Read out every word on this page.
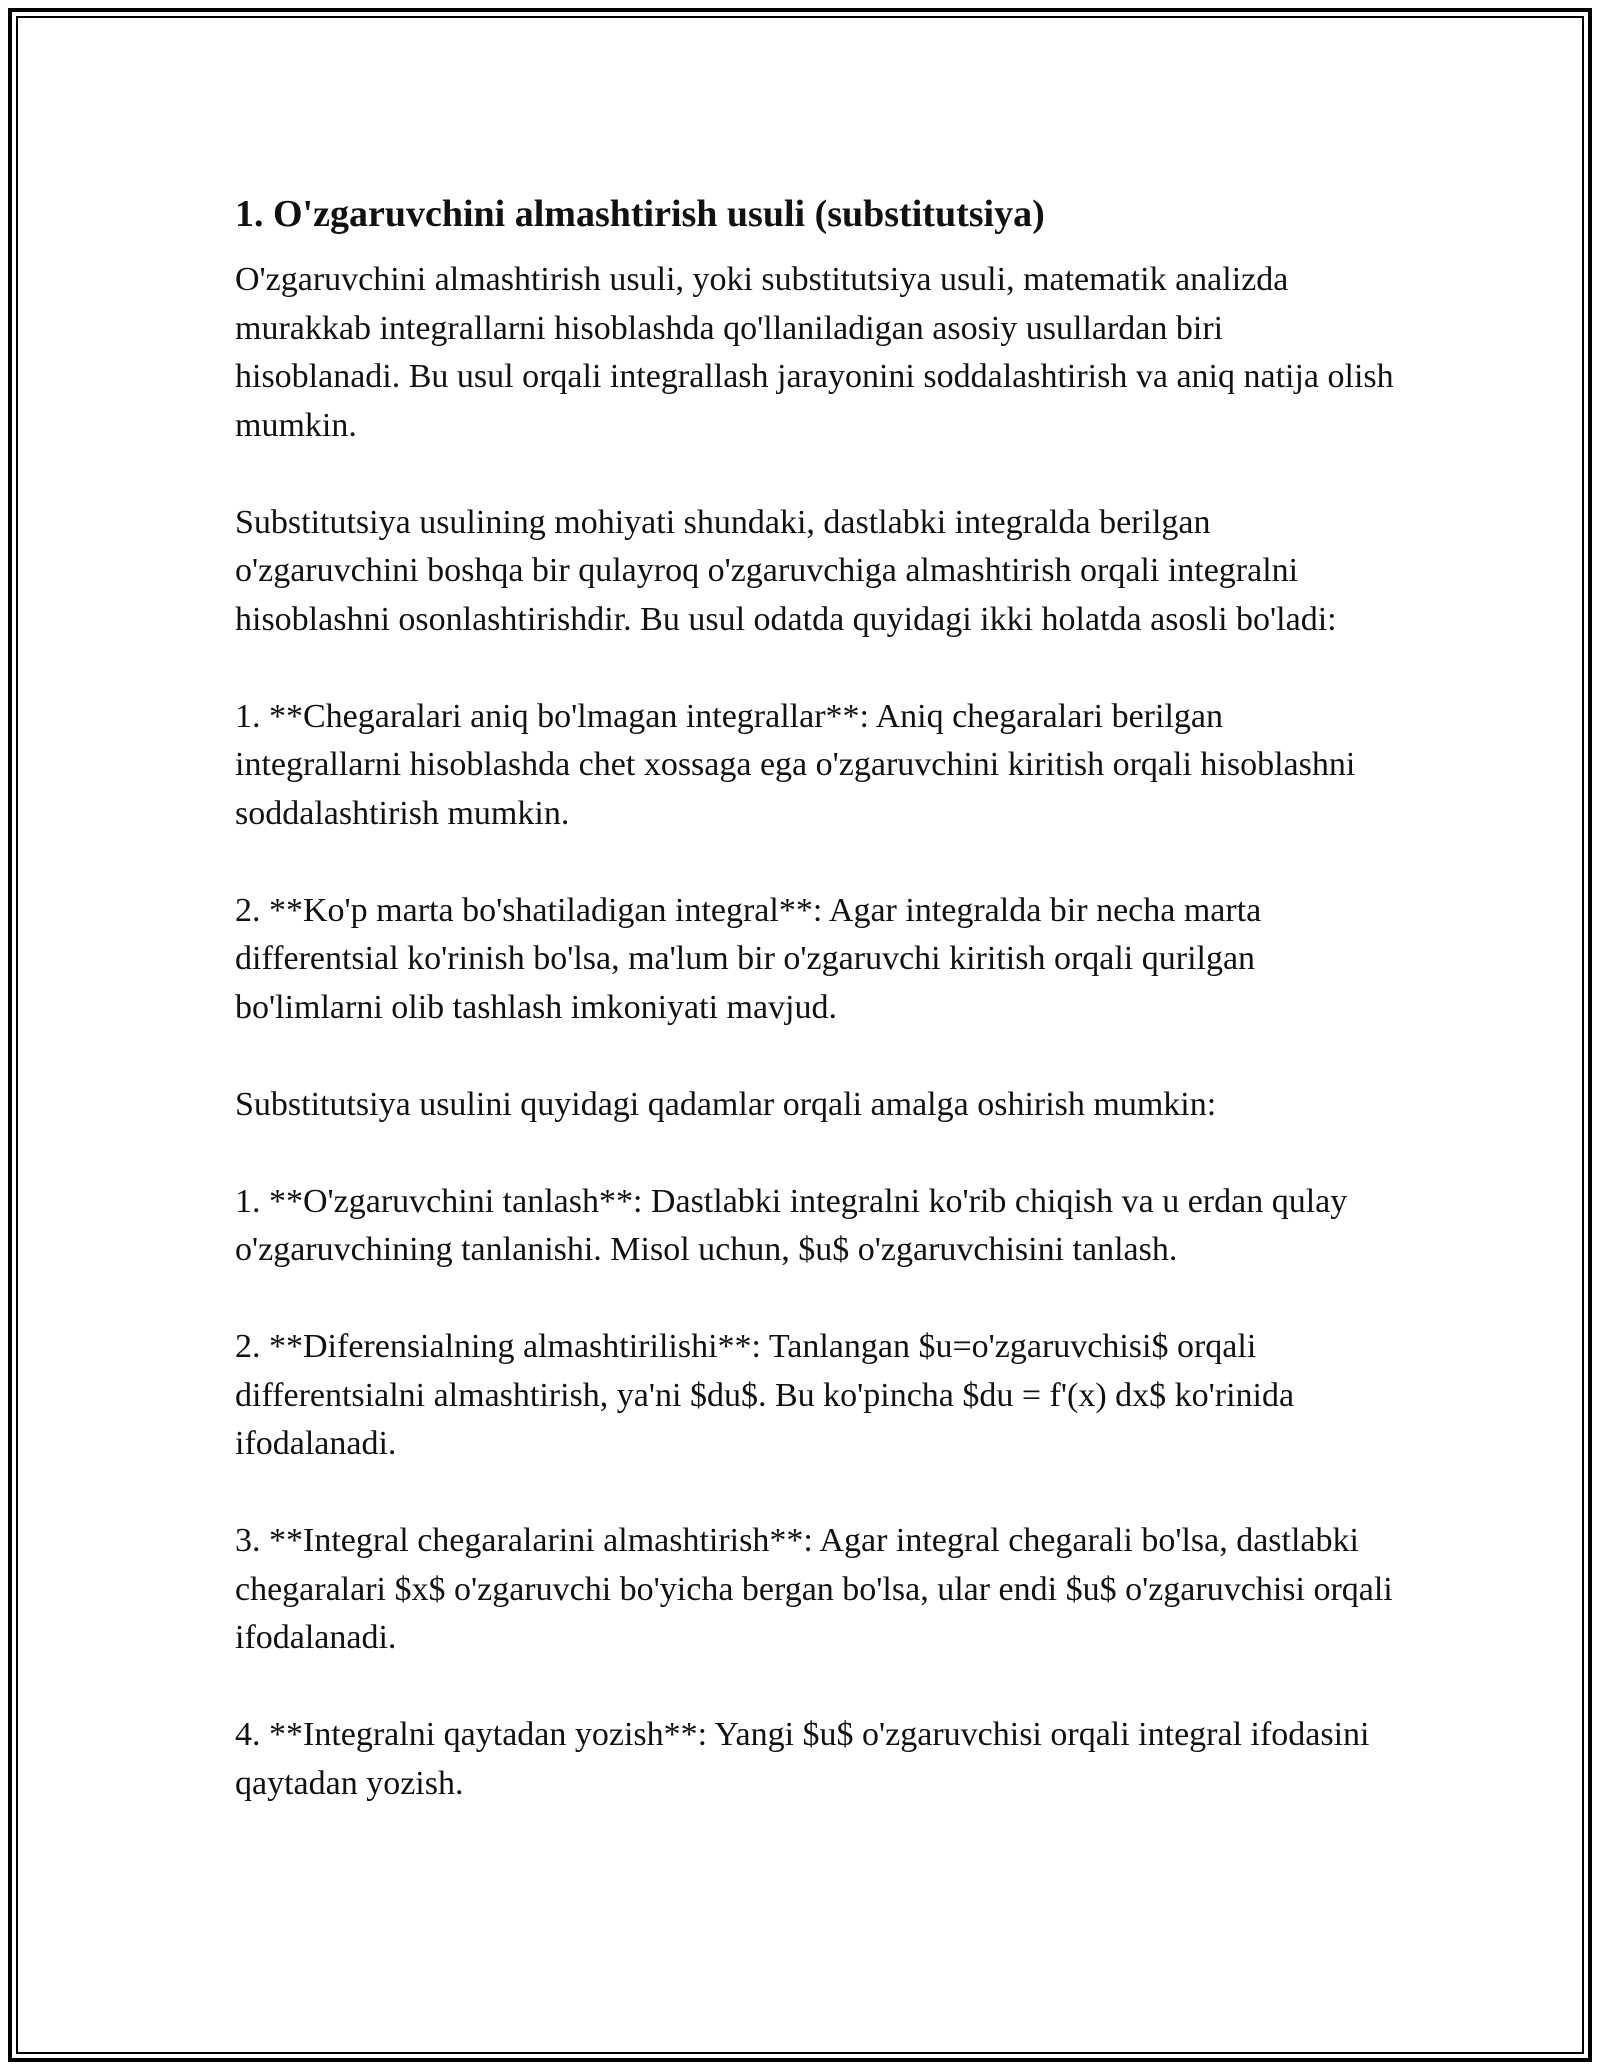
1. O'zgaruvchini almashtirish usuli (substitutsiya)

O'zgaruvchini almashtirish usuli, yoki substitutsiya usuli, matematik analizda murakkab integrallarni hisoblashda qo'llaniladigan asosiy usullardan biri hisoblanadi. Bu usul orqali integrallash jarayonini soddalashtirish va aniq natija olish mumkin.

Substitutsiya usulining mohiyati shundaki, dastlabki integralda berilgan o'zgaruvchini boshqa bir qulayroq o'zgaruvchiga almashtirish orqali integralni hisoblashni osonlashtirishdir. Bu usul odatda quyidagi ikki holatda asosli bo'ladi:

1. **Chegaralari aniq bo'lmagan integrallar**: Aniq chegaralari berilgan integrallarni hisoblashda chet xossaga ega o'zgaruvchini kiritish orqali hisoblashni soddalashtirish mumkin.

2. **Ko'p marta bo'shatiladigan integral**: Agar integralda bir necha marta differentsial ko'rinish bo'lsa, ma'lum bir o'zgaruvchi kiritish orqali qurilgan bo'limlarni olib tashlash imkoniyati mavjud.

Substitutsiya usulini quyidagi qadamlar orqali amalga oshirish mumkin:

1. **O'zgaruvchini tanlash**: Dastlabki integralni ko'rib chiqish va u erdan qulay o'zgaruvchining tanlanishi. Misol uchun, $u$ o'zgaruvchisini tanlash.

2. **Diferensialning almashtirilishi**: Tanlangan $u=o'zgaruvchisi$ orqali differentsialni almashtirish, ya'ni $du$. Bu ko'pincha $du = f'(x) dx$ ko'rinida ifodalanadi.

3. **Integral chegaralarini almashtirish**: Agar integral chegarali bo'lsa, dastlabki chegaralari $x$ o'zgaruvchi bo'yicha bergan bo'lsa, ular endi $u$ o'zgaruvchisi orqali ifodalanadi.

4. **Integralni qaytadan yozish**: Yangi $u$ o'zgaruvchisi orqali integral ifodasini qaytadan yozish.
